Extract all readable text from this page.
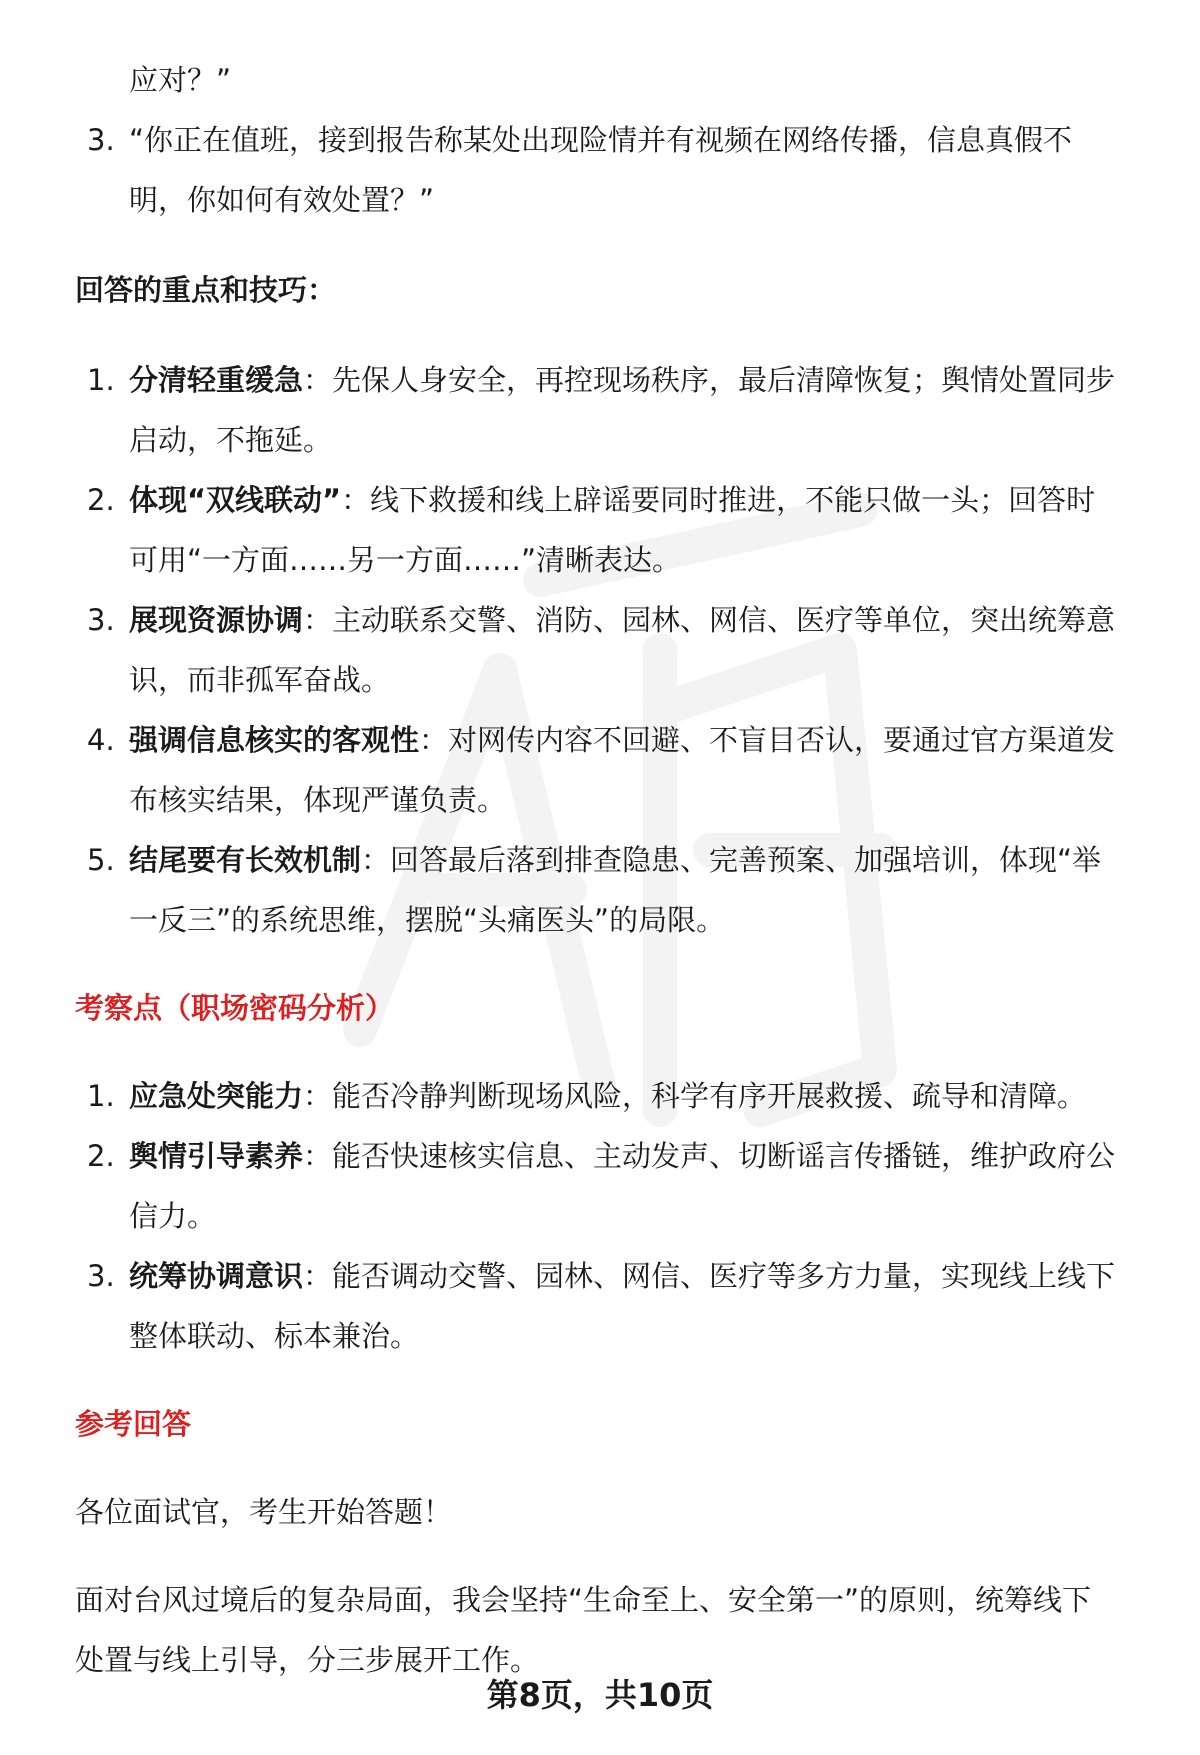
应对？”
3. “你正在值班，接到报告称某处出现险情并有视频在网络传播，信息真假不
明，你如何有效处置？”
回答的重点和技巧：
1. 分清轻重缓急：先保人身安全，再控现场秩序，最后清障恢复；舆情处置同步
启动，不拖延。
2. 体现“双线联动”：线下救援和线上辟谣要同时推进，不能只做一头；回答时
可用“一方面……另一方面……”清晰表达。
3. 展现资源协调：主动联系交警、消防、园林、网信、医疗等单位，突出统筹意
识，而非孤军奋战。
4. 强调信息核实的客观性：对网传内容不回避、不盲目否认，要通过官方渠道发
布核实结果，体现严谨负责。
5. 结尾要有长效机制：回答最后落到排查隐患、完善预案、加强培训，体现“举
一反三”的系统思维，摆脱“头痛医头”的局限。
考察点（职场密码分析）
1. 应急处突能力：能否冷静判断现场风险，科学有序开展救援、疏导和清障。
2. 舆情引导素养：能否快速核实信息、主动发声、切断谣言传播链，维护政府公
信力。
3. 统筹协调意识：能否调动交警、园林、网信、医疗等多方力量，实现线上线下
整体联动、标本兼治。
参考回答
各位面试官，考生开始答题！
面对台风过境后的复杂局面，我会坚持“生命至上、安全第一”的原则，统筹线下
处置与线上引导，分三步展开工作。
第8页，共10页
